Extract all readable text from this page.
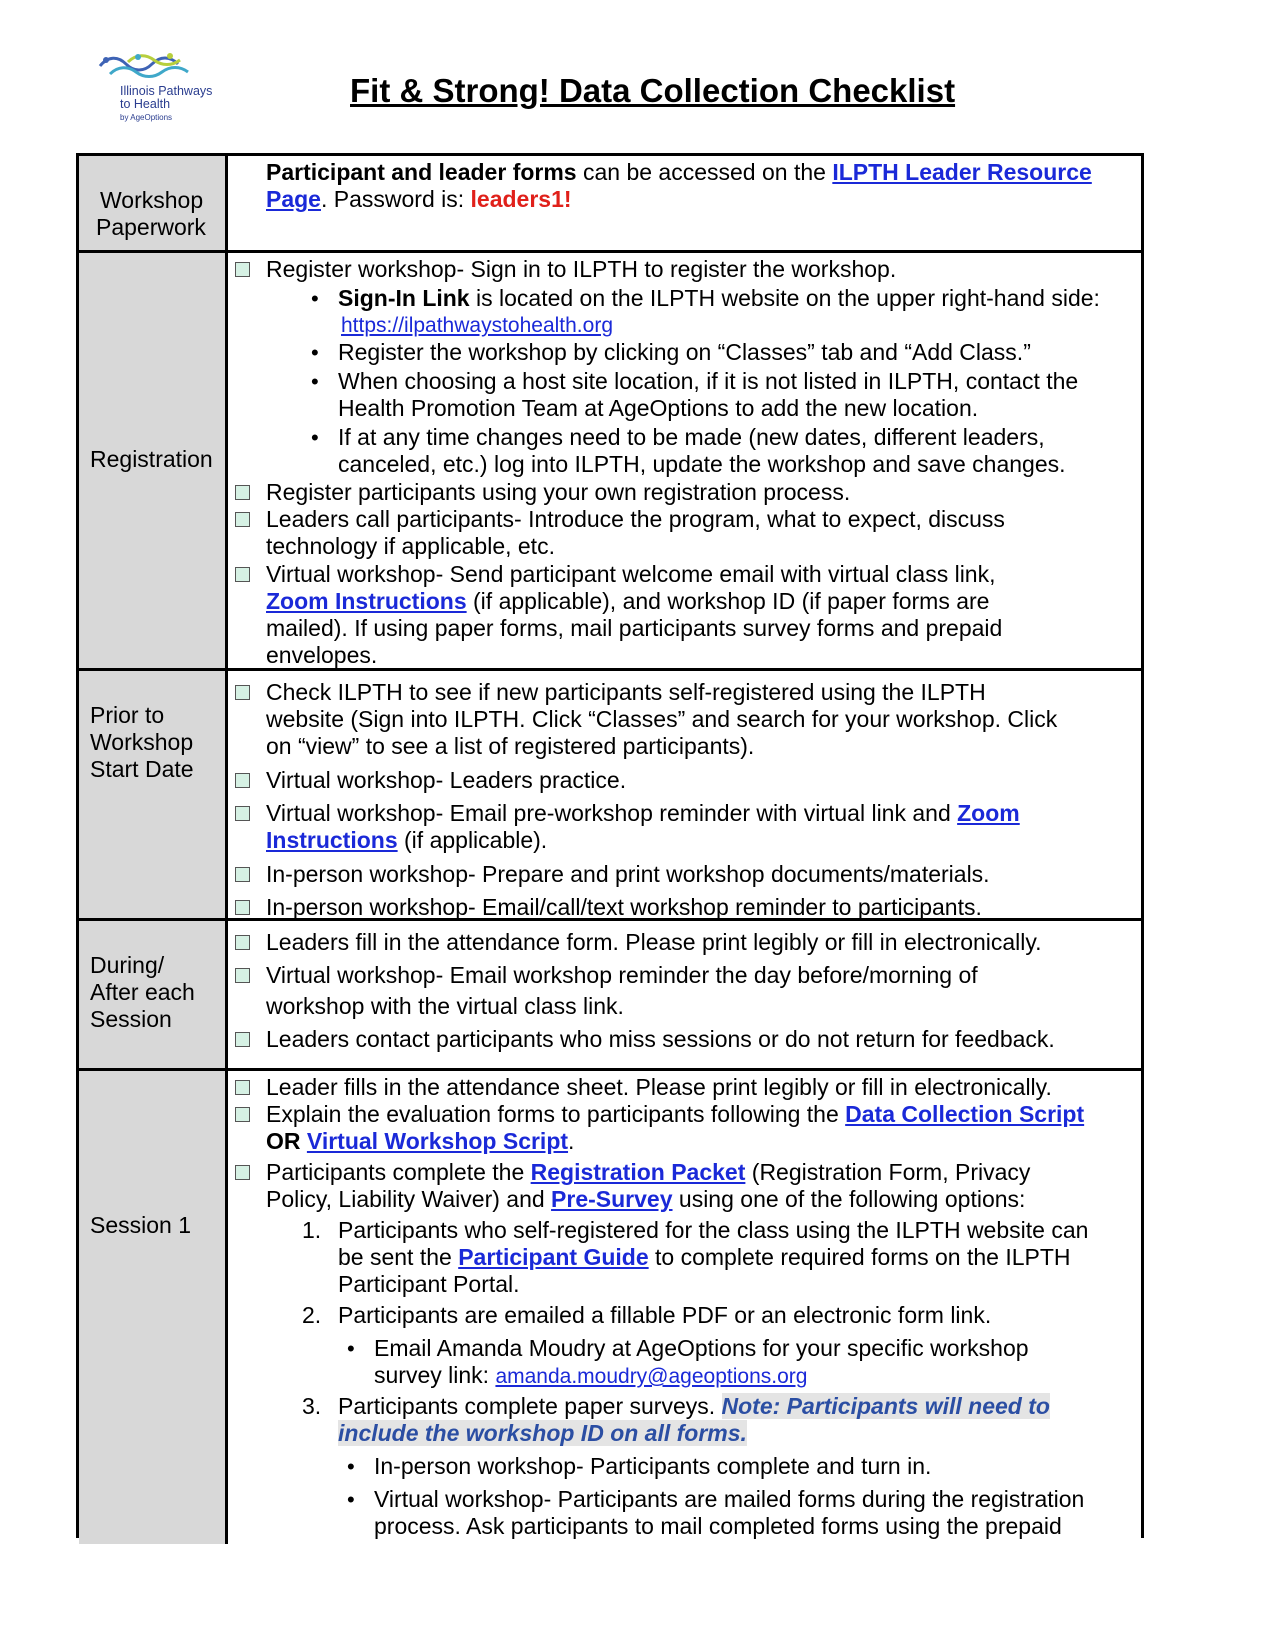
Illinois Pathways
to Health
by AgeOptions
Fit & Strong! Data Collection Checklist
Workshop
Paperwork
Participant and leader forms can be accessed on the ILPTH Leader Resource
Page. Password is: leaders1!
Registration
Register workshop- Sign in to ILPTH to register the workshop.
• Sign-In Link is located on the ILPTH website on the upper right-hand side:
https://ilpathwaystohealth.org
• Register the workshop by clicking on “Classes” tab and “Add Class.”
• When choosing a host site location, if it is not listed in ILPTH, contact the
Health Promotion Team at AgeOptions to add the new location.
• If at any time changes need to be made (new dates, different leaders,
canceled, etc.) log into ILPTH, update the workshop and save changes.
Register participants using your own registration process.
Leaders call participants- Introduce the program, what to expect, discuss
technology if applicable, etc.
Virtual workshop- Send participant welcome email with virtual class link,
Zoom Instructions (if applicable), and workshop ID (if paper forms are
mailed). If using paper forms, mail participants survey forms and prepaid
envelopes.
Prior to
Workshop
Start Date
Check ILPTH to see if new participants self-registered using the ILPTH
website (Sign into ILPTH. Click “Classes” and search for your workshop. Click
on “view” to see a list of registered participants).
Virtual workshop- Leaders practice.
Virtual workshop- Email pre-workshop reminder with virtual link and Zoom
Instructions (if applicable).
In-person workshop- Prepare and print workshop documents/materials.
In-person workshop- Email/call/text workshop reminder to participants.
During/
After each
Session
Leaders fill in the attendance form. Please print legibly or fill in electronically.
Virtual workshop- Email workshop reminder the day before/morning of
workshop with the virtual class link.
Leaders contact participants who miss sessions or do not return for feedback.
Session 1
Leader fills in the attendance sheet. Please print legibly or fill in electronically.
Explain the evaluation forms to participants following the Data Collection Script
OR Virtual Workshop Script.
Participants complete the Registration Packet (Registration Form, Privacy
Policy, Liability Waiver) and Pre-Survey using one of the following options:
1. Participants who self-registered for the class using the ILPTH website can
be sent the Participant Guide to complete required forms on the ILPTH
Participant Portal.
2. Participants are emailed a fillable PDF or an electronic form link.
• Email Amanda Moudry at AgeOptions for your specific workshop
survey link: amanda.moudry@ageoptions.org
3. Participants complete paper surveys. Note: Participants will need to
include the workshop ID on all forms.
• In-person workshop- Participants complete and turn in.
• Virtual workshop- Participants are mailed forms during the registration
process. Ask participants to mail completed forms using the prepaid
